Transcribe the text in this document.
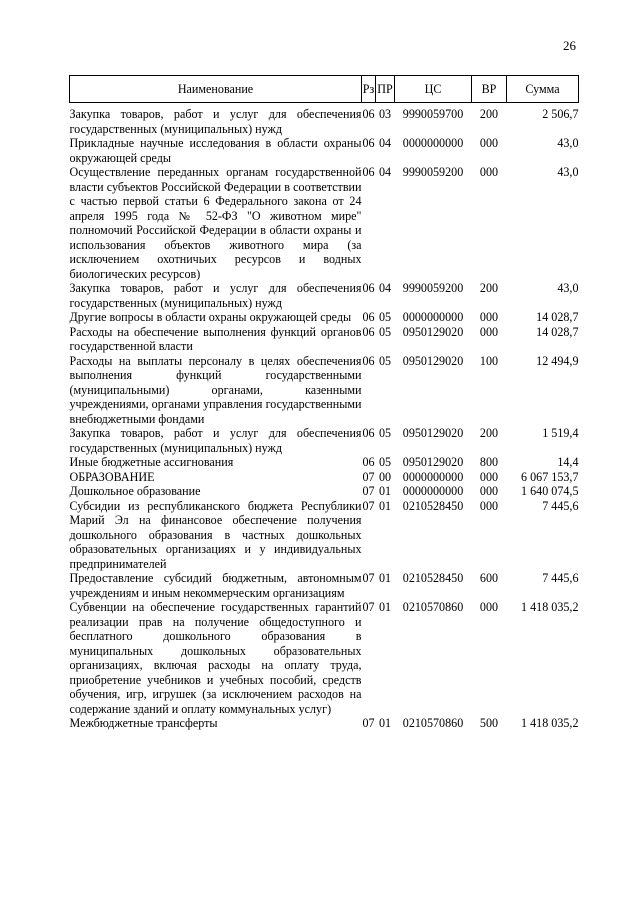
26
Наименование	Рз	ПР	ЦС	ВР	Сумма

Закупка товаров, работ и услуг для обеспечения государственных (муниципальных) нужд	06	03	9990059700	200	2 506,7
Прикладные научные исследования в области охраны окружающей среды	06	04	0000000000	000	43,0
Осуществление переданных органам государственной власти субъектов Российской Федерации в соответствии с частью первой статьи 6 Федерального закона от 24 апреля 1995 года № 52-ФЗ "О животном мире" полномочий Российской Федерации в области охраны и использования объектов животного мира (за исключением охотничьих ресурсов и водных биологических ресурсов)	06	04	9990059200	000	43,0
Закупка товаров, работ и услуг для обеспечения государственных (муниципальных) нужд	06	04	9990059200	200	43,0
Другие вопросы в области охраны окружающей среды	06	05	0000000000	000	14 028,7
Расходы на обеспечение выполнения функций органов государственной власти	06	05	0950129020	000	14 028,7
Расходы на выплаты персоналу в целях обеспечения выполнения функций государственными (муниципальными) органами, казенными учреждениями, органами управления государственными внебюджетными фондами	06	05	0950129020	100	12 494,9
Закупка товаров, работ и услуг для обеспечения государственных (муниципальных) нужд	06	05	0950129020	200	1 519,4
Иные бюджетные ассигнования	06	05	0950129020	800	14,4
ОБРАЗОВАНИЕ	07	00	0000000000	000	6 067 153,7
Дошкольное образование	07	01	0000000000	000	1 640 074,5
Субсидии из республиканского бюджета Республики Марий Эл на финансовое обеспечение получения дошкольного образования в частных дошкольных образовательных организациях и у индивидуальных предпринимателей	07	01	0210528450	000	7 445,6
Предоставление субсидий бюджетным, автономным учреждениям и иным некоммерческим организациям	07	01	0210528450	600	7 445,6
Субвенции на обеспечение государственных гарантий реализации прав на получение общедоступного и бесплатного дошкольного образования в муниципальных дошкольных образовательных организациях, включая расходы на оплату труда, приобретение учебников и учебных пособий, средств обучения, игр, игрушек (за исключением расходов на содержание зданий и оплату коммунальных услуг)	07	01	0210570860	000	1 418 035,2
Межбюджетные трансферты	07	01	0210570860	500	1 418 035,2
